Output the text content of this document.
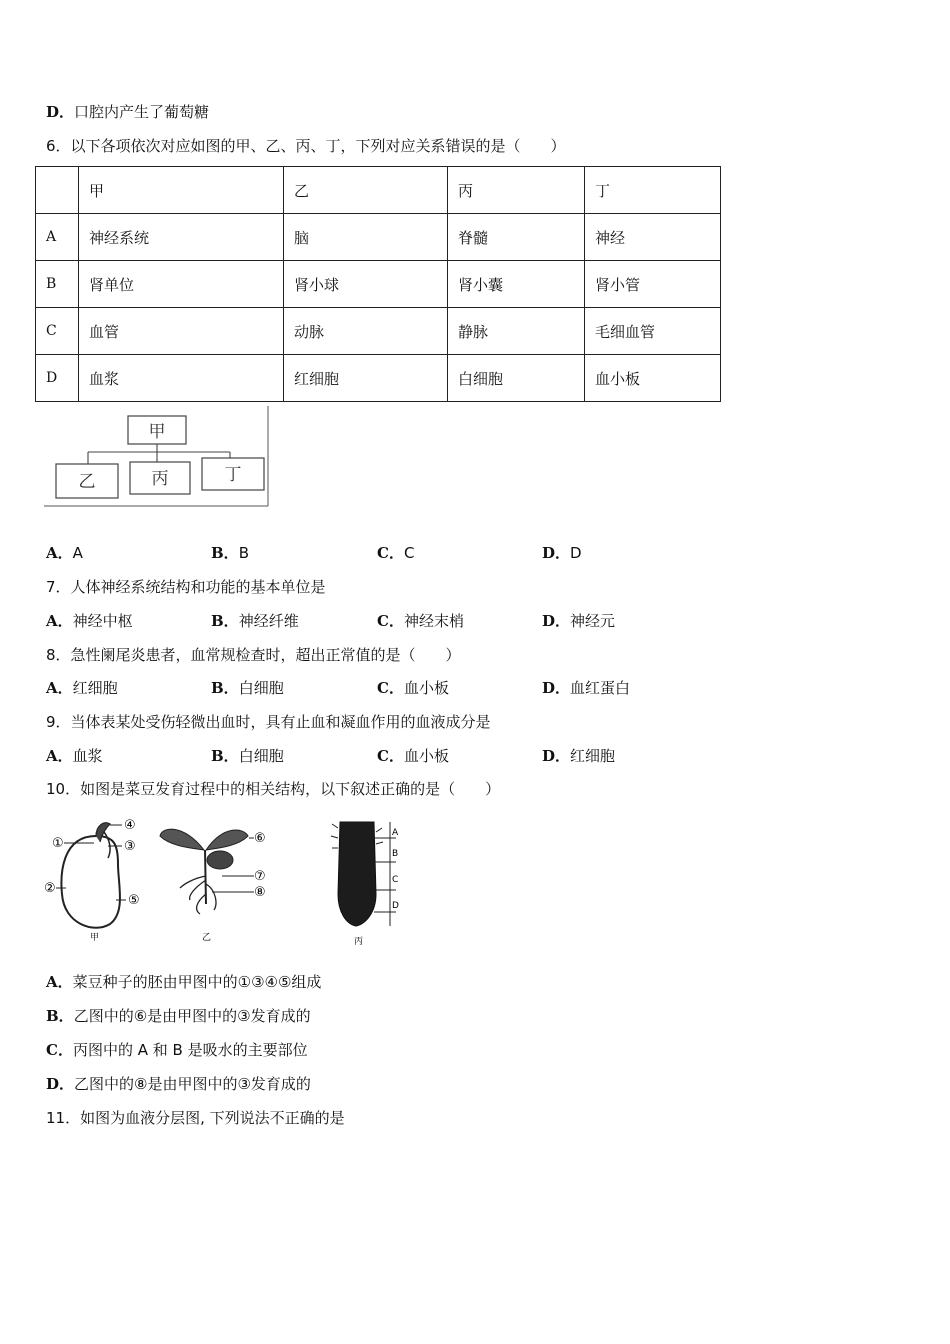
D．口腔内产生了葡萄糖
6．以下各项依次对应如图的甲、乙、丙、丁，下列对应关系错误的是（　　）
	甲	乙	丙	丁
A	神经系统	脑	脊髓	神经
B	肾单位	肾小球	肾小囊	肾小管
C	血管	动脉	静脉	毛细血管
D	血浆	红细胞	白细胞	血小板
甲
乙	丙	丁
A．A	B．B	C．C	D．D
7．人体神经系统结构和功能的基本单位是
A．神经中枢	B．神经纤维	C．神经末梢	D．神经元
8．急性阑尾炎患者，血常规检查时，超出正常值的是（　　）
A．红细胞	B．白细胞	C．血小板	D．血红蛋白
9．当体表某处受伤轻微出血时，具有止血和凝血作用的血液成分是
A．血浆	B．白细胞	C．血小板	D．红细胞
10．如图是菜豆发育过程中的相关结构，以下叙述正确的是（　　）
①
②
③
④
⑤
甲
⑥
⑦
⑧
乙
A
B
C
D
丙
A．菜豆种子的胚由甲图中的①③④⑤组成
B．乙图中的⑥是由甲图中的③发育成的
C．丙图中的 A 和 B 是吸水的主要部位
D．乙图中的⑧是由甲图中的③发育成的
11．如图为血液分层图, 下列说法不正确的是
